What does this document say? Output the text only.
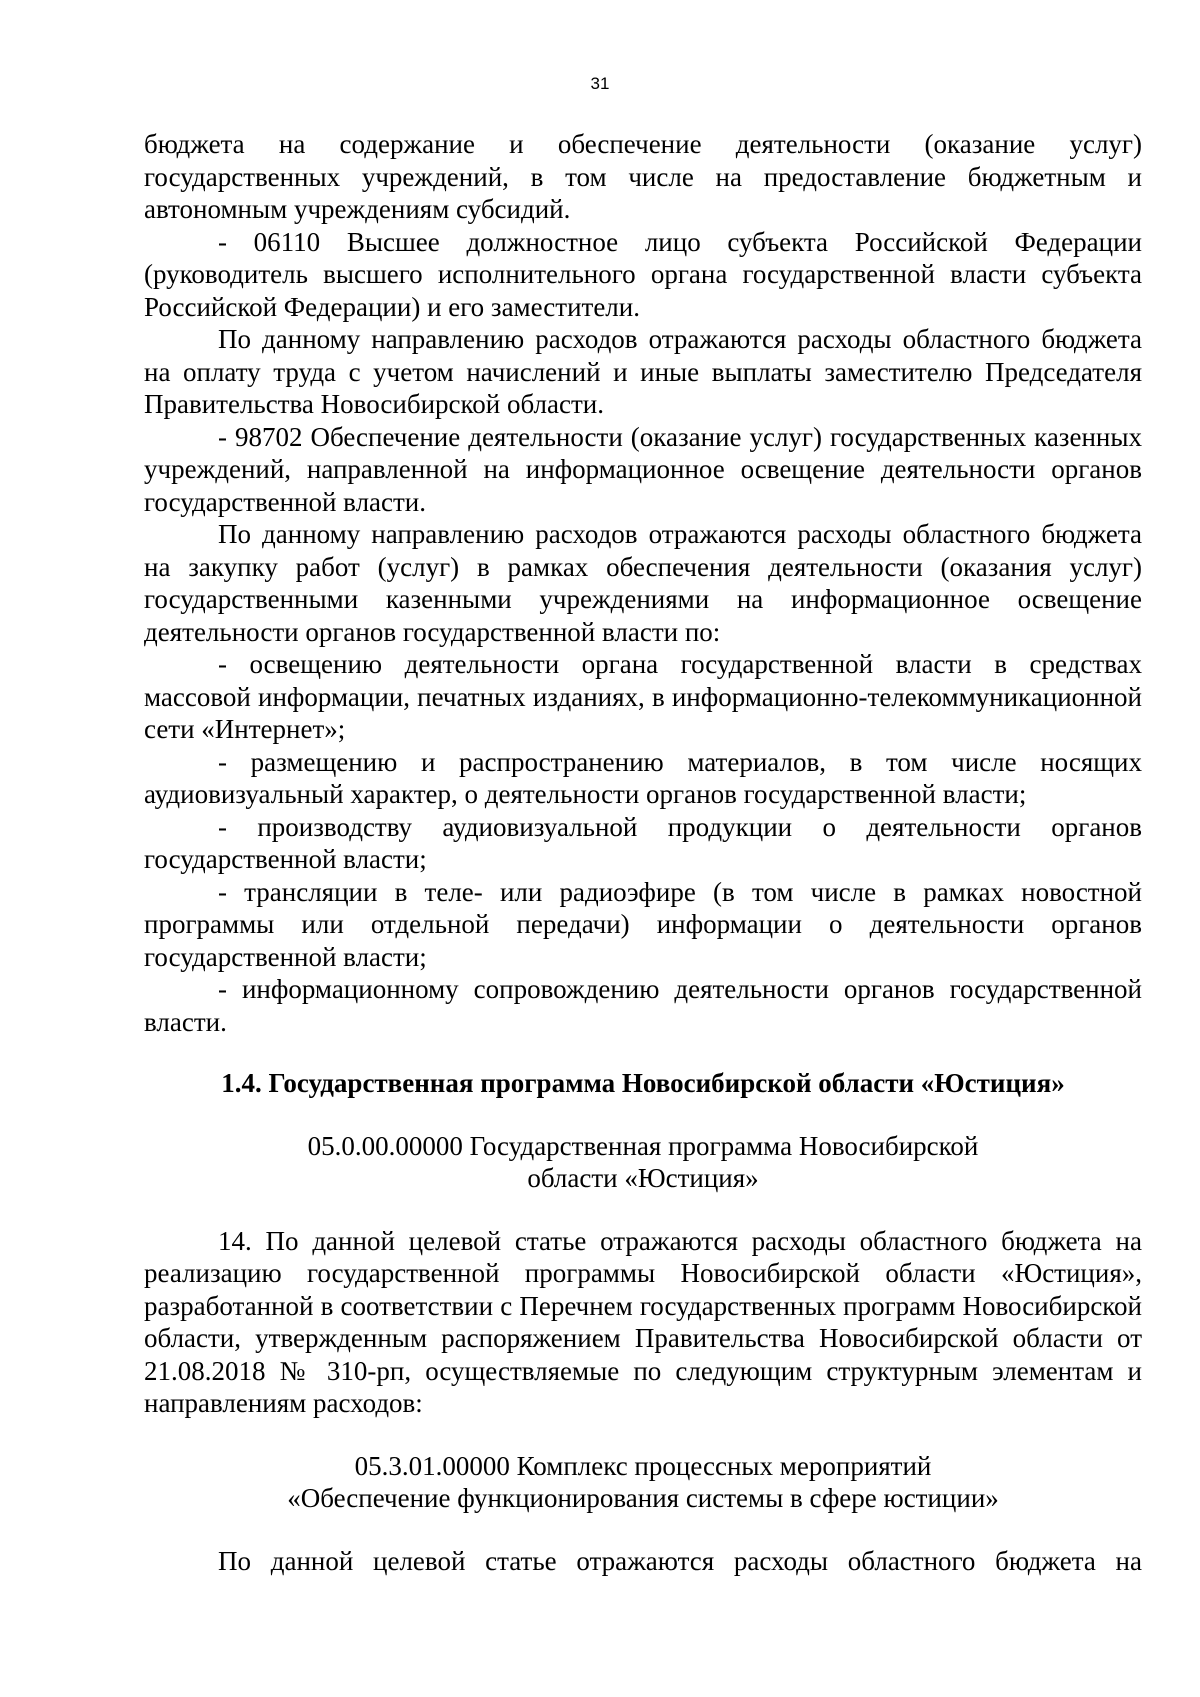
31

бюджета на содержание и обеспечение деятельности (оказание услуг) государственных учреждений, в том числе на предоставление бюджетным и автономным учреждениям субсидий.

- 06110 Высшее должностное лицо субъекта Российской Федерации (руководитель высшего исполнительного органа государственной власти субъекта Российской Федерации) и его заместители.

По данному направлению расходов отражаются расходы областного бюджета на оплату труда с учетом начислений и иные выплаты заместителю Председателя Правительства Новосибирской области.

- 98702 Обеспечение деятельности (оказание услуг) государственных казенных учреждений, направленной на информационное освещение деятельности органов государственной власти.

По данному направлению расходов отражаются расходы областного бюджета на закупку работ (услуг) в рамках обеспечения деятельности (оказания услуг) государственными казенными учреждениями на информационное освещение деятельности органов государственной власти по:

- освещению деятельности органа государственной власти в средствах массовой информации, печатных изданиях, в информационно-телекоммуникационной сети «Интернет»;

- размещению и распространению материалов, в том числе носящих аудиовизуальный характер, о деятельности органов государственной власти;

- производству аудиовизуальной продукции о деятельности органов государственной власти;

- трансляции в теле- или радиоэфире (в том числе в рамках новостной программы или отдельной передачи) информации о деятельности органов государственной власти;

- информационному сопровождению деятельности органов государственной власти.

1.4. Государственная программа Новосибирской области «Юстиция»

05.0.00.00000 Государственная программа Новосибирской
области «Юстиция»

14. По данной целевой статье отражаются расходы областного бюджета на реализацию государственной программы Новосибирской области «Юстиция», разработанной в соответствии с Перечнем государственных программ Новосибирской области, утвержденным распоряжением Правительства Новосибирской области от 21.08.2018 № 310-рп, осуществляемые по следующим структурным элементам и направлениям расходов:

05.3.01.00000 Комплекс процессных мероприятий
«Обеспечение функционирования системы в сфере юстиции»

По данной целевой статье отражаются расходы областного бюджета на
